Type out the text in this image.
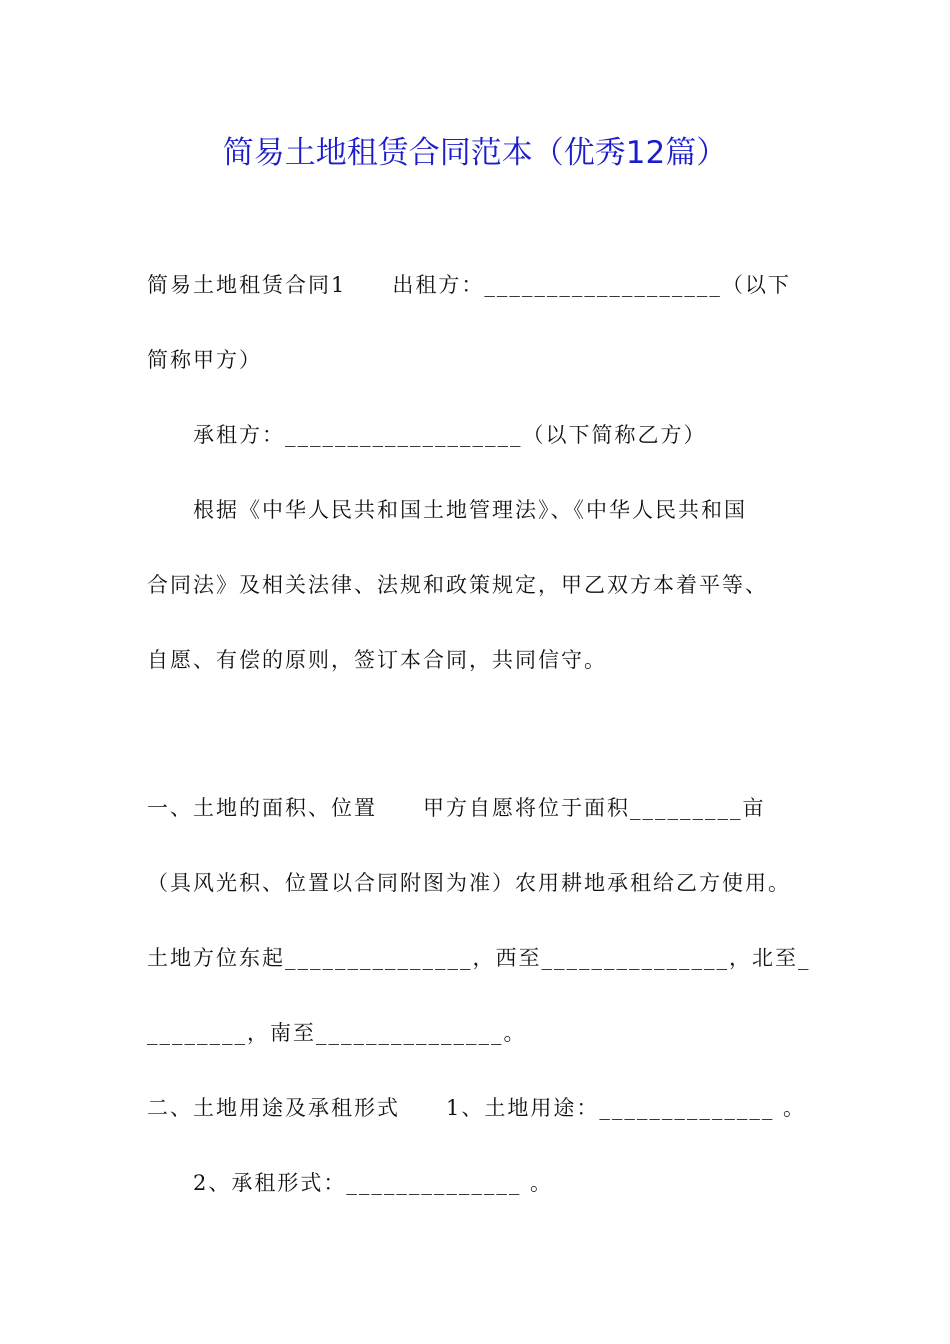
简易土地租赁合同范本（优秀12篇）
简易土地租赁合同1　　出租方：___________________（以下
简称甲方）
　　承租方：___________________（以下简称乙方）
　　根据《中华人民共和国土地管理法》、《中华人民共和国
合同法》及相关法律、法规和政策规定，甲乙双方本着平等、
自愿、有偿的原则，签订本合同，共同信守。
一、土地的面积、位置　　甲方自愿将位于面积_________亩
（具风光积、位置以合同附图为准）农用耕地承租给乙方使用。
土地方位东起_______________，西至_______________，北至_
________，南至_______________。
二、土地用途及承租形式　　1、土地用途：______________ 。
　　2、承租形式：______________ 。
